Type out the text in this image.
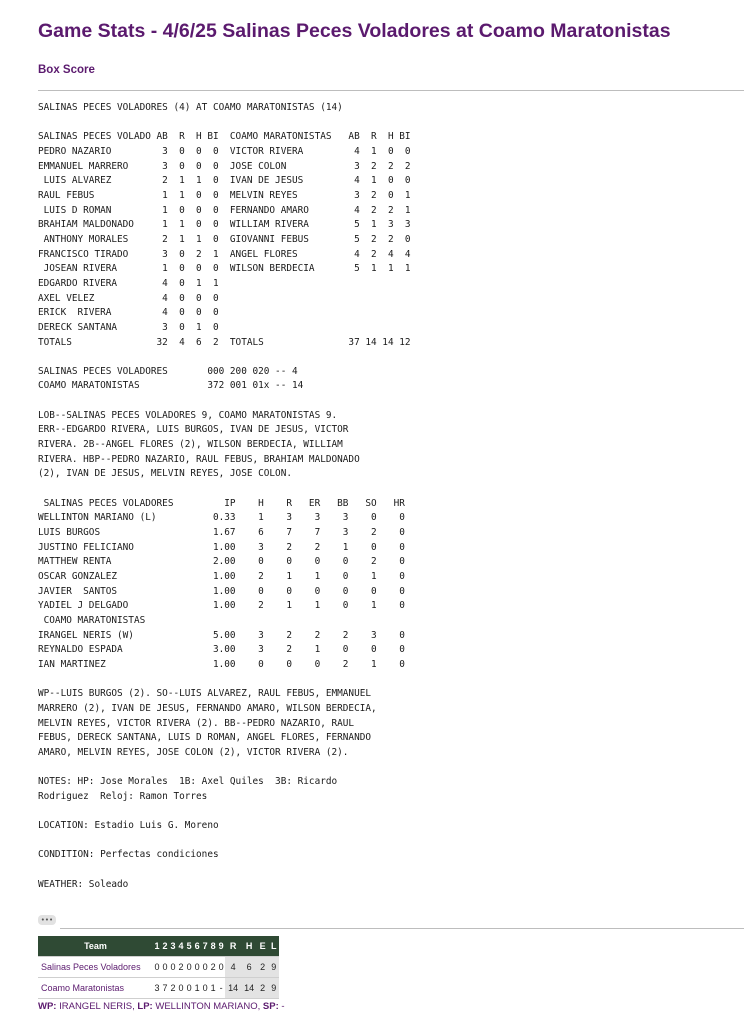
Game Stats - 4/6/25 Salinas Peces Voladores at Coamo Maratonistas
Box Score
SALINAS PECES VOLADORES (4) AT COAMO MARATONISTAS (14)

SALINAS PECES VOLADO AB  R  H BI  COAMO MARATONISTAS   AB  R  H BI
PEDRO NAZARIO         3  0  0  0  VICTOR RIVERA         4  1  0  0
EMMANUEL MARRERO      3  0  0  0  JOSE COLON            3  2  2  2
LUIS ALVAREZ         2  1  1  0  IVAN DE JESUS         4  1  0  0
RAUL FEBUS            1  1  0  0  MELVIN REYES          3  2  0  1
LUIS D ROMAN         1  0  0  0  FERNANDO AMARO        4  2  2  1
BRAHIAM MALDONADO     1  1  0  0  WILLIAM RIVERA        5  1  3  3
ANTHONY MORALES      2  1  1  0  GIOVANNI FEBUS        5  2  2  0
FRANCISCO TIRADO      3  0  2  1  ANGEL FLORES          4  2  4  4
JOSEAN RIVERA        1  0  0  0  WILSON BERDECIA       5  1  1  1
EDGARDO RIVERA        4  0  1  1
AXEL VELEZ            4  0  0  0
ERICK  RIVERA         4  0  0  0
DERECK SANTANA        3  0  1  0
TOTALS               32  4  6  2  TOTALS               37 14 14 12

SALINAS PECES VOLADORES       000 200 020 -- 4
COAMO MARATONISTAS            372 001 01x -- 14

LOB--SALINAS PECES VOLADORES 9, COAMO MARATONISTAS 9.
ERR--EDGARDO RIVERA, LUIS BURGOS, IVAN DE JESUS, VICTOR
RIVERA. 2B--ANGEL FLORES (2), WILSON BERDECIA, WILLIAM
RIVERA. HBP--PEDRO NAZARIO, RAUL FEBUS, BRAHIAM MALDONADO
(2), IVAN DE JESUS, MELVIN REYES, JOSE COLON.

SALINAS PECES VOLADORES         IP    H    R   ER   BB   SO   HR
WELLINTON MARIANO (L)          0.33    1    3    3    3    0    0
LUIS BURGOS                    1.67    6    7    7    3    2    0
JUSTINO FELICIANO              1.00    3    2    2    1    0    0
MATTHEW RENTA                  2.00    0    0    0    0    2    0
OSCAR GONZALEZ                 1.00    2    1    1    0    1    0
JAVIER  SANTOS                 1.00    0    0    0    0    0    0
YADIEL J DELGADO               1.00    2    1    1    0    1    0
COAMO MARATONISTAS
IRANGEL NERIS (W)              5.00    3    2    2    2    3    0
REYNALDO ESPADA                3.00    3    2    1    0    0    0
IAN MARTINEZ                   1.00    0    0    0    2    1    0

WP--LUIS BURGOS (2). SO--LUIS ALVAREZ, RAUL FEBUS, EMMANUEL
MARRERO (2), IVAN DE JESUS, FERNANDO AMARO, WILSON BERDECIA,
MELVIN REYES, VICTOR RIVERA (2). BB--PEDRO NAZARIO, RAUL
FEBUS, DERECK SANTANA, LUIS D ROMAN, ANGEL FLORES, FERNANDO
AMARO, MELVIN REYES, JOSE COLON (2), VICTOR RIVERA (2).

NOTES: HP: Jose Morales  1B: Axel Quiles  3B: Ricardo
Rodriguez  Reloj: Ramon Torres

LOCATION: Estadio Luis G. Moreno

CONDITION: Perfectas condiciones

WEATHER: Soleado
•••
Team	1	2	3	4	5	6	7	8	9	R	H	E	L
Salinas Peces Voladores	0	0	0	2	0	0	0	2	0	4	6	2	9
Coamo Maratonistas	3	7	2	0	0	1	0	1	-	14	14	2	9
WP: IRANGEL NERIS, LP: WELLINTON MARIANO, SP: -
